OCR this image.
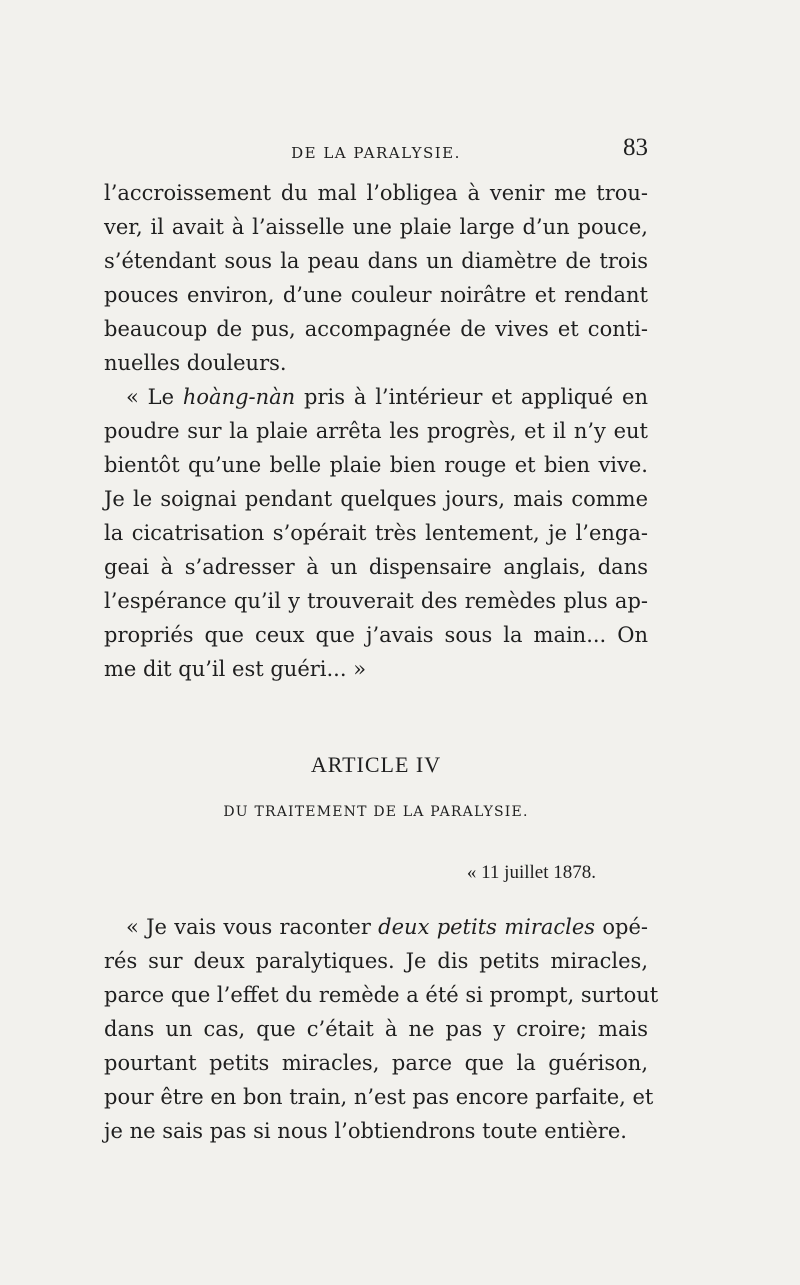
DE LA PARALYSIE.	83
l’accroissement du mal l’obligea à venir me trou-
ver, il avait à l’aisselle une plaie large d’un pouce,
s’étendant sous la peau dans un diamètre de trois
pouces environ, d’une couleur noirâtre et rendant
beaucoup de pus, accompagnée de vives et conti-
nuelles douleurs.
« Le hoàng-nàn pris à l’intérieur et appliqué en
poudre sur la plaie arrêta les progrès, et il n’y eut
bientôt qu’une belle plaie bien rouge et bien vive.
Je le soignai pendant quelques jours, mais comme
la cicatrisation s’opérait très lentement, je l’enga-
geai à s’adresser à un dispensaire anglais, dans
l’espérance qu’il y trouverait des remèdes plus ap-
propriés que ceux que j’avais sous la main... On
me dit qu’il est guéri... »
ARTICLE IV
DU TRAITEMENT DE LA PARALYSIE.
« 11 juillet 1878.
« Je vais vous raconter deux petits miracles opé-
rés sur deux paralytiques. Je dis petits miracles,
parce que l’effet du remède a été si prompt, surtout
dans un cas, que c’était à ne pas y croire; mais
pourtant petits miracles, parce que la guérison,
pour être en bon train, n’est pas encore parfaite, et
je ne sais pas si nous l’obtiendrons toute entière.
